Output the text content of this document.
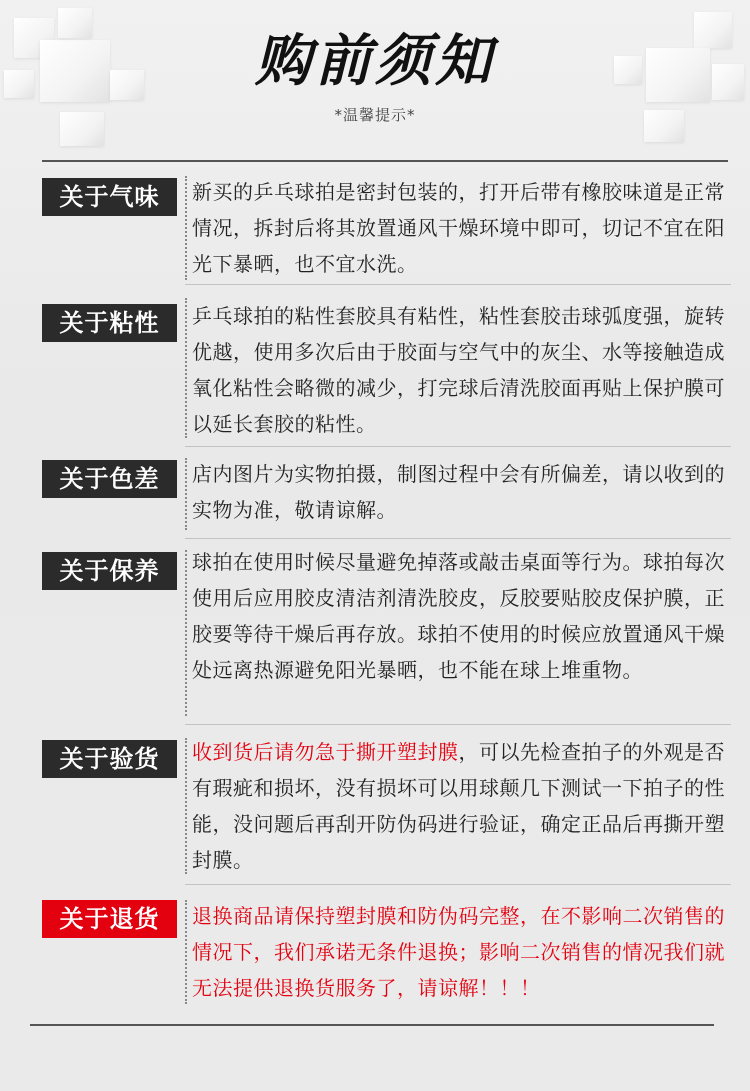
购前须知
*温馨提示*
关于气味	新买的乒乓球拍是密封包装的，打开后带有橡胶味道是正常情况，拆封后将其放置通风干燥环境中即可，切记不宜在阳光下暴晒，也不宜水洗。
关于粘性	乒乓球拍的粘性套胶具有粘性，粘性套胶击球弧度强，旋转优越，使用多次后由于胶面与空气中的灰尘、水等接触造成氧化粘性会略微的减少，打完球后清洗胶面再贴上保护膜可以延长套胶的粘性。
关于色差	店内图片为实物拍摄，制图过程中会有所偏差，请以收到的实物为准，敬请谅解。
关于保养	球拍在使用时候尽量避免掉落或敲击桌面等行为。球拍每次使用后应用胶皮清洁剂清洗胶皮，反胶要贴胶皮保护膜，正胶要等待干燥后再存放。球拍不使用的时候应放置通风干燥处远离热源避免阳光暴晒，也不能在球上堆重物。
关于验货	收到货后请勿急于撕开塑封膜，可以先检查拍子的外观是否有瑕疵和损坏，没有损坏可以用球颠几下测试一下拍子的性能，没问题后再刮开防伪码进行验证，确定正品后再撕开塑封膜。
关于退货	退换商品请保持塑封膜和防伪码完整，在不影响二次销售的情况下，我们承诺无条件退换；影响二次销售的情况我们就无法提供退换货服务了，请谅解！！！
